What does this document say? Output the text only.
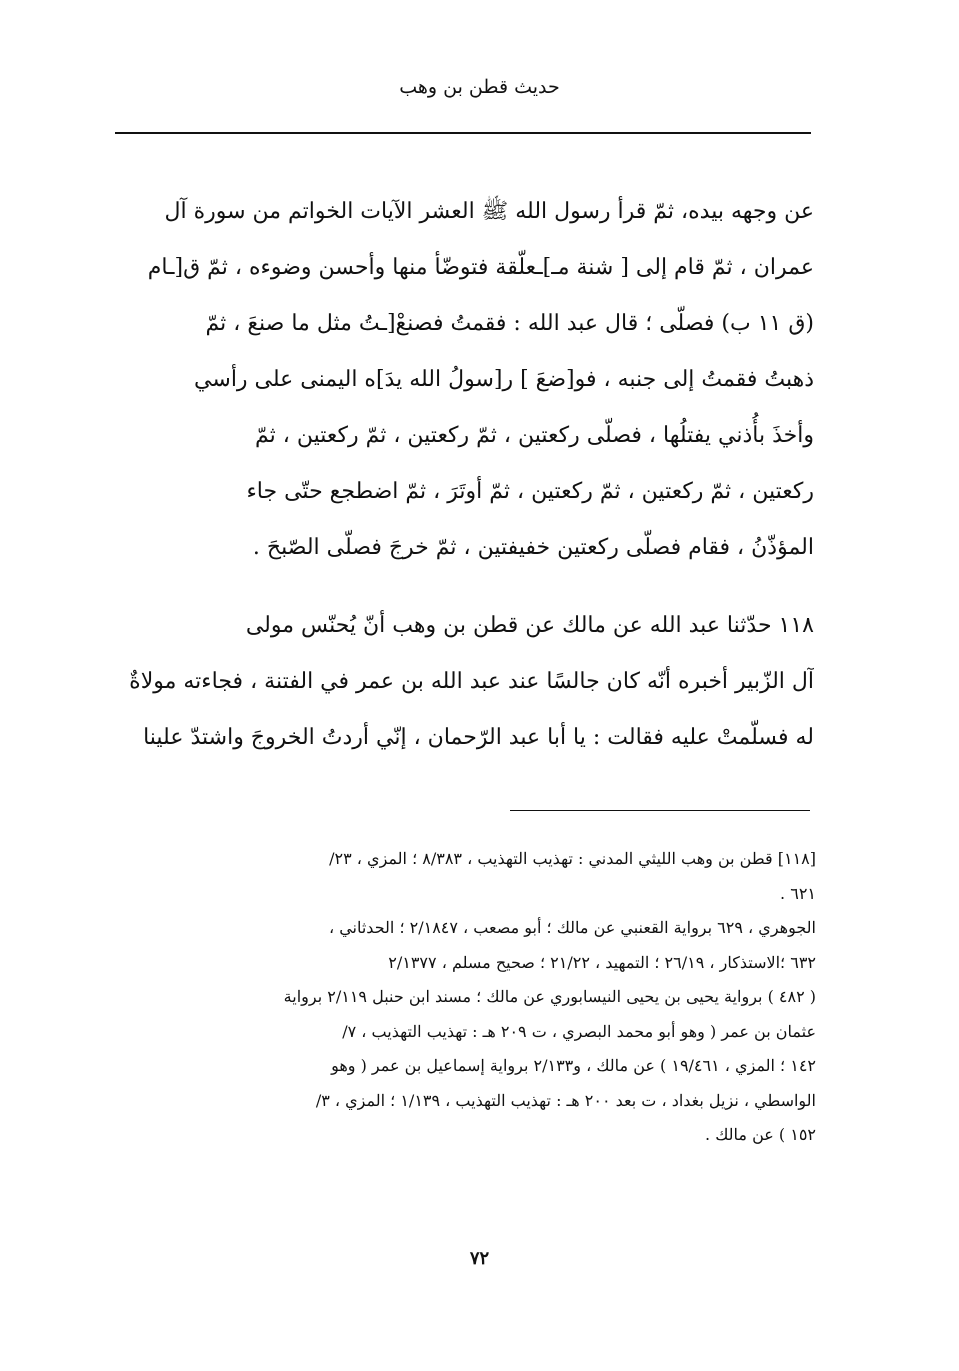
حديث قطن بن وهب
عن وجهه بيده، ثمّ قرأ رسول الله ﷺ العشر الآيات الخواتم من سورة آل
عمران ، ثمّ قام إلى [ شنة مـ]ـعلّقة فتوضّأ منها وأحسن وضوءه ، ثمّ ق[ـام
(ق ١١ ب) فصلّى ؛ قال عبد الله : فقمتُ فصنعْ[ـتُ مثل ما صنعَ ، ثمّ
ذهبتُ فقمتُ إلى جنبه ، فو[ضعَ ] ر[سولُ الله يدَ]ه اليمنى على رأسي
وأخذَ بأُذني يفتلُها ، فصلّى ركعتين ، ثمّ ركعتين ، ثمّ ركعتين ، ثمّ
ركعتين ، ثمّ ركعتين ، ثمّ ركعتين ، ثمّ أوتَرَ ، ثمّ اضطجع حتّى جاء
المؤذّنُ ، فقام فصلّى ركعتين خفيفتين ، ثمّ خرجَ فصلّى الصّبحَ .
١١٨ حدّثنا عبد الله عن مالك عن قطن بن وهب أنّ يُحنّس مولى
آل الزّبير أخبره أنّه كان جالسًا عند عبد الله بن عمر في الفتنة ، فجاءته مولاةٌ
له فسلّمتْ عليه فقالت : يا أبا عبد الرّحمان ، إنّي أردتُ الخروجَ واشتدّ علينا
[١١٨] قطن بن وهب الليثي المدني : تهذيب التهذيب ، ٨/٣٨٣ ؛ المزي ، ٢٣/
٦٢١ .
الجوهري ، ٦٢٩ برواية القعنبي عن مالك ؛ أبو مصعب ، ٢/١٨٤٧ ؛ الحدثاني ،
٦٣٢ ؛الاستذكار ، ٢٦/١٩ ؛ التمهيد ، ٢١/٢٢ ؛ صحيح مسلم ، ٢/١٣٧٧
( ٤٨٢ ) برواية يحيى بن يحيى النيسابوري عن مالك ؛ مسند ابن حنبل ٢/١١٩ برواية
عثمان بن عمر ( وهو أبو محمد البصري ، ت ٢٠٩ هـ : تهذيب التهذيب ، ٧/
١٤٢ ؛ المزي ، ١٩/٤٦١ ) عن مالك ، و٢/١٣٣ برواية إسماعيل بن عمر ( وهو
الواسطي ، نزيل بغداد ، ت بعد ٢٠٠ هـ : تهذيب التهذيب ، ١/١٣٩ ؛ المزي ، ٣/
١٥٢ ) عن مالك .
٧٢
